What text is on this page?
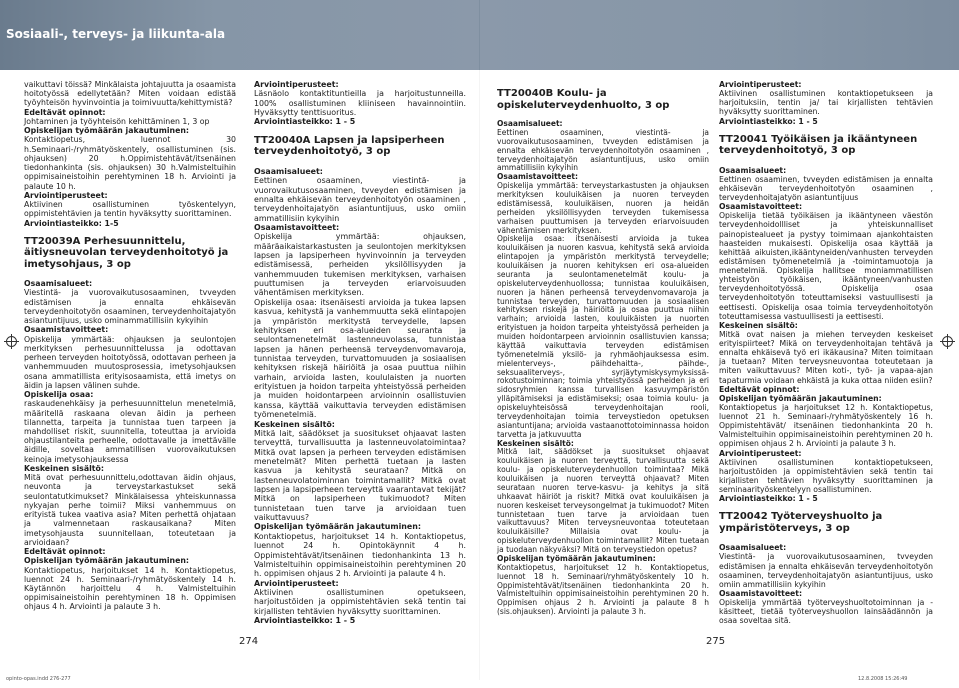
Sosiaali-, terveys- ja liikunta-ala

vaikuttavi töissä? Minkälaista johtajuutta ja osaamista hoitotyössä edellytetään? Miten voidaan edistää työyhteisön hyvinvointia ja toimivuutta/kehittymistä?

Edeltävät opinnot:

Johtaminen ja työyhteisön kehittäminen 1, 3 op

Opiskelijan työmäärän jakautuminen:

Kontaktiopetus, luennot 30 h.Seminaari-/ryhmätyöskentely, osallistuminen (sis. ohjauksen) 20 h.Oppimistehtävät/itsenäinen tiedonhankinta (sis. ohjauksen) 30 h.Valmisteltuihin oppimisaineistoihin perehtyminen 18 h. Arviointi ja palaute 10 h.

Arviointiperusteet:

Aktiivinen osallistuminen työskentelyyn, oppimistehtävien ja tentin hyväksytty suorittaminen.

Arviointiasteikko: 1-5

TT20039A Perhesuunnittelu, äitiysneuvolan terveydenhoitotyö ja imetysohjaus, 3 op

Osaamisalueet:

Viestintä- ja vuorovaikutusosaaminen, tvveyden edistämisen ja ennalta ehkäisevän terveydenhoitotyön osaaminen, terveydenhoitajatyön asiantuntijuus, usko ominammatillisiin kykyihin

Osaamistavoitteet:

Opiskelija ymmärtää: ohjauksen ja seulontojen merkityksen perhesuunnittelussa ja odottavan perheen terveyden hoitotyössä, odottavan perheen ja vanhemmuuden muutosprosessia, imetysohjauksen osana ammatillista erityisosaamista, että imetys on äidin ja lapsen välinen suhde.

Opiskelija osaa:

raskaudenehkäisy ja perhesuunnittelun menetelmiä, määritellä raskaana olevan äidin ja perheen tilannetta, tarpeita ja tunnistaa tuen tarpeen ja mahdolliset riskit, suunnitella, toteuttaa ja arvioida ohjaustilanteita perheelle, odottavalle ja imettävälle äidille, soveltaa ammatillisen vuorovaikutuksen keinoja imetysohjauksessa

Keskeinen sisältö:

Mitä ovat perhesuunnittelu,odottavan äidin ohjaus, neuvonta ja terveystarkastukset sekä seulontatutkimukset? Minkälaisessa yhteiskunnassa nykyajan perhe toimii? Miksi vanhemmuus on erityistä tukea vaativa asia? Miten perhettä ohjataan ja valmennetaan raskausaikana? Miten imetysohjausta suunnitellaan, toteutetaan ja arvioidaan?

Edeltävät opinnot:

Opiskelijan työmäärän jakautuminen:

Kontaktiopetus, harjoitukset 14 h. Kontaktiopetus, luennot 24 h. Seminaari-/ryhmätyöskentely 14 h. Käytännön harjoittelu 4 h. Valmisteltuihin oppimisaineistoihin perehtyminen 18 h. Oppimisen ohjaus 4 h. Arviointi ja palaute 3 h.

Arviointiperusteet:

Läsnäolo kontaktituntieilla ja harjoitustunneilla. 100% osallistuminen kliiniseen havainnointiin. Hyväksytty tenttisuoritus.

Arviointiasteikko: 1 - 5

TT20040A Lapsen ja lapsiperheen terveydenhoitotyö, 3 op

Osaamisalueet:

Eettinen osaaminen, viestintä- ja vuorovaikutusosaaminen, tvveyden edistämisen ja ennalta ehkäisevän terveydenhoitotyön osaaminen , terveydenhoitajatyön asiantuntijuus, usko omiin ammatillisiin kykyihin

Osaamistavoitteet:

Opiskelija ymmärtää: ohjauksen, määräaikaistarkastusten ja seulontojen merkityksen lapsen ja lapsiperheen hyvinvoinnin ja terveyden edistämisessä, perheiden yksilöllisyyden ja vanhemmuuden tukemisen merkityksen, varhaisen puuttumisen ja terveyden eriarvoisuuden vähentämisen merkityksen.

Opiskelija osaa: itsenäisesti arvioida ja tukea lapsen kasvua, kehitystä ja vanhemmuutta sekä elintapojen ja ympäristön merkitystä terveydelle, lapsen kehityksen eri osa-alueiden seuranta ja seulontamenetelmät lastenneuvolassa, tunnistaa lapsen ja hänen perheensä terveydenvomavaroja, tunnistaa terveyden, turvattomuuden ja sosiaalisen kehityksen riskejä häiriöitä ja osaa puuttua niihin varhain, arvioida lasten, koululaisten ja nuorten erityistuen ja hoidon tarpeita yhteistyössä perheiden ja muiden hoidontarpeen arvioinnin osallistuvien kanssa, käyttää vaikuttavia terveyden edistämisen työmenetelmiä.

Keskeinen sisältö:

Mitkä lait, säädökset ja suositukset ohjaavat lasten terveyttä, turvallisuutta ja lastenneuvolatoimintaa? Mitkä ovat lapsen ja perheen terveyden edistämisen menetelmät? Miten perhettä tuetaan ja lasten kasvua ja kehitystä seurataan? Mitkä on lastenneuvolatoiminnan toimintamallit? Mitkä ovat lapsen ja lapsiperheen terveyttä vaarantavat tekijät? Mitkä on lapsiperheen tukimuodot? Miten tunnistetaan tuen tarve ja arvioidaan tuen vaikuttavuus?

Opiskelijan työmäärän jakautuminen:

Kontaktiopetus, harjoitukset 14 h. Kontaktiopetus, luennot 24 h. Opintokäynnit 4 h. Oppimistehtävät/itsenäinen tiedonhankinta 13 h. Valmisteltuihin oppimisaineistoihin perehtyminen 20 h. oppimisen ohjaus 2 h. Arviointi ja palaute 4 h.

Arviointiperusteet:

Aktiivinen osallistuminen opetukseen, harjoitustöiden ja oppimistehtävien sekä tentin tai kirjallisten tehtävien hyväksytty suorittaminen.

Arviointiasteikko: 1 - 5

TT20040B Koulu- ja opiskeluterveydenhuolto, 3 op

Osaamisalueet:

Eettinen osaaminen, viestintä- ja vuorovaikutusosaaminen, tvveyden edistämisen ja ennalta ehkäisevän terveydenhoitotyön osaaminen , terveydenhoitajatyön asiantuntijuus, usko omiin ammatillisiin kykyihin

Osaamistavoitteet:

Opiskelija ymmärtää: terveystarkastusten ja ohjauksen merkityksen kouluikäisen ja nuoren terveyden edistämisessä, kouluikäisen, nuoren ja heidän perheiden yksilöllisyyden terveyden tukemisessa varhaisen puuttumisen ja terveyden eriarvoisuuden vähentämisen merkityksen.

Opiskelija osaa: itsenäisesti arvioida ja tukea kouluikäisen ja nuoren kasvua, kehitystä sekä arvioida elintapojen ja ympäristön merkitystä terveydelle; kouluikäisen ja nuoren kehityksen eri osa-alueiden seuranta ja seulontamenetelmät koulu- ja opiskeluterveydenhuollossa; tunnistaa kouluikäisen, nuoren ja hänen perheensä terveydenvomavaroja ja tunnistaa terveyden, turvattomuuden ja sosiaalisen kehityksen riskejä ja häiriöitä ja osaa puuttua niihin varhain; arvioida lasten, kouluikäisten ja nuorten erityistuen ja hoidon tarpeita yhteistyössä perheiden ja muiden hoidontarpeen arvioinnin osallistuvien kanssa; käyttää vaikuttavia terveyden edistämisen työmenetelmiä yksilö- ja ryhmäohjauksessa esim. mielenterveys-, päihdehaitta-, päihde-, seksuaaliterveys-, syrjäytymiskysymyksissä- rokotustoiminnan; toimia yhteistyössä perheiden ja eri sidosryhmien kanssa turvallisen kasvuympäristön ylläpitämiseksi ja edistämiseksi; osaa toimia koulu- ja opiskeluyhteisössä terveydenhoitajan rooli, terveydenhoitajan toimia terveystiedon opetuksen asiantuntijana; arvioida vastaanottotoiminnassa hoidon tarvetta ja jatkuvuutta

Keskeinen sisältö:

Mitkä lait, säädökset ja suositukset ohjaavat kouluikäisen ja nuoren terveyttä, turvallisuutta sekä koulu- ja opiskeluterveydenhuollon toimintaa? Mikä kouluikäisen ja nuoren terveyttä ohjaavat? Miten seurataan nuoren terve-kasvu- ja kehitys ja sitä uhkaavat häiriöt ja riskit? Mitkä ovat kouluikäisen ja nuoren keskeiset terveysongelmat ja tukimuodot? Miten tunnistetaan tuen tarve ja arvioidaan tuen vaikuttavuus? Miten terveysneuvontaa toteutetaan kouluikäisille? Millaisia ovat koulu- ja opiskeluterveydenhuollon toimintamallit? Miten tuetaan ja tuodaan näkyväksi? Mitä on terveystiedon opetus?

Opiskelijan työmäärän jakautuminen:

Kontaktiopetus, harjoitukset 12 h. Kontaktiopetus, luennot 18 h. Seminaari/ryhmätyöskentely 10 h. Oppimistehtävät/itsenäinen tiedonhankinta 20 h. Valmisteltuihin oppimisaineistoihin perehtyminen 20 h. Oppimisen ohjaus 2 h. Arviointi ja palaute 8 h (sis.ohjauksen). Arviointi ja palaute 3 h.

Arviointiperusteet:

Aktiivinen osallistuminen kontaktiopetukseen ja harjoituksiin, tentin ja/ tai kirjallisten tehtävien hyväksytty suorittaminen.

Arviointiasteikko: 1 - 5

TT20041 Työikäisen ja ikääntyneen terveydenhoitotyö, 3 op

Osaamisalueet:

Eettinen osaaminen, tvveyden edistämisen ja ennalta ehkäisevän terveydenhoitotyön osaaminen , terveydenhoitajatyön asiantuntijuus

Osaamistavoitteet:

Opiskelija tietää työikäisen ja ikääntyneen väestön terveydenhoidollliset ja yhteiskunnalliset painopistealueet ja pystyy toimimaan ajankohtaisten haasteiden mukaisesti. Opiskelija osaa käyttää ja kehittää aikuisten,ikääntyneiden/vanhusten terveyden edistämisen työmenetelmiä ja -toimintamuotoja ja menetelmiä. Opiskelija hallitsee moniammatillisen yhteistyön työikäisen, ikääntyneen/vanhusten terveydenhoitotyössä. Opiskelija osaa terveydenhoitotyön toteuttamiseksi vastuullisesti ja eettisesti. Opiskelija osaa toimia terveydenhoitotyön toteuttamisessa vastuullisesti ja eettisesti.

Keskeinen sisältö:

Mitkä ovat naisen ja miehen terveyden keskeiset erityispiirteet? Mikä on terveydenhoitajan tehtävä ja ennalta ehkäisevä työ eri ikäkausina? Miten toimitaan ja tuetaan? Miten terveysneuvontaa toteutetaan ja miten vaikuttavuus? Miten koti-, työ- ja vapaa-ajan tapaturmia voidaan ehkäistä ja kuka ottaa niiden esiin?

Edeltävät opinnot:

Opiskelijan työmäärän jakautuminen:

Kontaktiopetus ja harjoitukset 12 h. Kontaktiopetus, luennot 21 h. Seminaari-/ryhmätyöskentely 16 h. Oppimistehtävät/ itsenäinen tiedonhankinta 20 h. Valmisteltuihin oppimisaineistoihin perehtyminen 20 h. oppimisen ohjaus 2 h. Arviointi ja palaute 3 h.

Arviointiperusteet:

Aktiivinen osallistuminen kontaktiopetukseen, harjoitustöiden ja oppimistehtävien sekä tentin tai kirjallisten tehtävien hyväksytty suorittaminen ja seminaarityöskentelyyn osallistuminen.

Arviointiasteikko: 1 - 5

TT20042 Työterveyshuolto ja ympäristöterveys, 3 op

Osaamisalueet:

Viestintä- ja vuorovaikutusosaaminen, tvveyden edistämisen ja ennalta ehkäisevän terveydenhoitotyön osaaminen, terveydenhoitajatyön asiantuntijuus, usko omiin ammatillisiin kykyihin

Osaamistavoitteet:

Opiskelija ymmärtää työterveyshuoltotoiminnan ja -käsitteet, tietää työterveyshuollon lainsäädännön ja osaa soveltaa sitä.

274	275
opinto-opas.indd 276-277	12.8.2008 15:26:49
